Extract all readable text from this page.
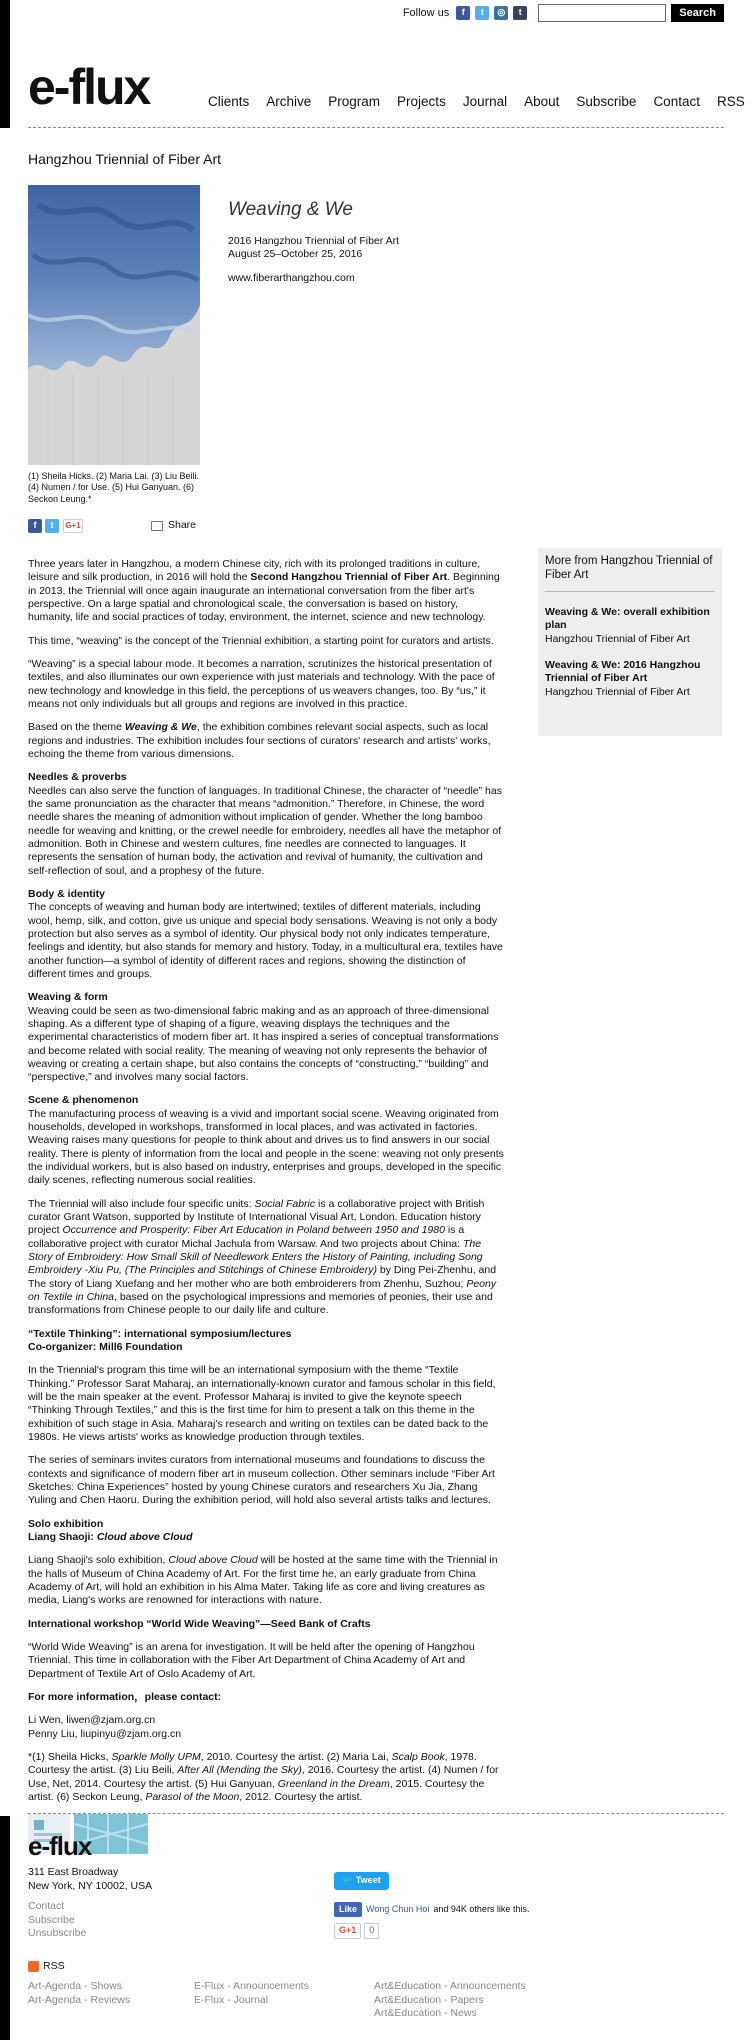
Follow us	f	t	◎	t	Search
e-flux	Clients Archive Program Projects Journal About Subscribe Contact RSS
Hangzhou Triennial of Fiber Art
(1) Sheila Hicks. (2) Maria Lai. (3) Liu Beili. (4) Numen / for Use. (5) Hui Ganyuan. (6) Seckon Leung.*
Weaving & We
2016 Hangzhou Triennial of Fiber Art
August 25–October 25, 2016
www.fiberarthangzhou.com
f	t	G+1	Share

Three years later in Hangzhou, a modern Chinese city, rich with its prolonged traditions in culture, leisure and silk production, in 2016 will hold the Second Hangzhou Triennial of Fiber Art. Beginning in 2013, the Triennial will once again inaugurate an international conversation from the fiber art's perspective. On a large spatial and chronological scale, the conversation is based on history, humanity, life and social practices of today, environment, the internet, science and new technology.

This time, “weaving” is the concept of the Triennial exhibition, a starting point for curators and artists.

“Weaving” is a special labour mode. It becomes a narration, scrutinizes the historical presentation of textiles, and also illuminates our own experience with just materials and technology. With the pace of new technology and knowledge in this field, the perceptions of us weavers changes, too. By “us,” it means not only individuals but all groups and regions are involved in this practice.

Based on the theme Weaving & We, the exhibition combines relevant social aspects, such as local regions and industries. The exhibition includes four sections of curators' research and artists' works, echoing the theme from various dimensions.

Needles & proverbs

Needles can also serve the function of languages. In traditional Chinese, the character of “needle” has the same pronunciation as the character that means “admonition.” Therefore, in Chinese, the word needle shares the meaning of admonition without implication of gender. Whether the long bamboo needle for weaving and knitting, or the crewel needle for embroidery, needles all have the metaphor of admonition. Both in Chinese and western cultures, fine needles are connected to languages. It represents the sensation of human body, the activation and revival of humanity, the cultivation and self-reflection of soul, and a prophesy of the future.

Body & identity

The concepts of weaving and human body are intertwined; textiles of different materials, including wool, hemp, silk, and cotton, give us unique and special body sensations. Weaving is not only a body protection but also serves as a symbol of identity. Our physical body not only indicates temperature, feelings and identity, but also stands for memory and history. Today, in a multicultural era, textiles have another function—a symbol of identity of different races and regions, showing the distinction of different times and groups.

Weaving & form

Weaving could be seen as two-dimensional fabric making and as an approach of three-dimensional shaping. As a different type of shaping of a figure, weaving displays the techniques and the experimental characteristics of modern fiber art. It has inspired a series of conceptual transformations and become related with social reality. The meaning of weaving not only represents the behavior of weaving or creating a certain shape, but also contains the concepts of “constructing,” “building” and “perspective,” and involves many social factors.

Scene & phenomenon

The manufacturing process of weaving is a vivid and important social scene. Weaving originated from households, developed in workshops, transformed in local places, and was activated in factories. Weaving raises many questions for people to think about and drives us to find answers in our social reality. There is plenty of information from the local and people in the scene: weaving not only presents the individual workers, but is also based on industry, enterprises and groups, developed in the specific daily scenes, reflecting numerous social realities.

The Triennial will also include four specific units: Social Fabric is a collaborative project with British curator Grant Watson, supported by Institute of International Visual Art, London. Education history project Occurrence and Prosperity: Fiber Art Education in Poland between 1950 and 1980 is a collaborative project with curator Michal Jachula from Warsaw. And two projects about China: The Story of Embroidery: How Small Skill of Needlework Enters the History of Painting, including Song Embroidery -Xiu Pu, (The Principles and Stitchings of Chinese Embroidery) by Ding Pei-Zhenhu, and The story of Liang Xuefang and her mother who are both embroiderers from Zhenhu, Suzhou; Peony on Textile in China, based on the psychological impressions and memories of peonies, their use and transformations from Chinese people to our daily life and culture.

“Textile Thinking”: international symposium/lectures
Co-organizer: Mill6 Foundation

In the Triennial's program this time will be an international symposium with the theme “Textile Thinking.” Professor Sarat Maharaj, an internationally-known curator and famous scholar in this field, will be the main speaker at the event. Professor Maharaj is invited to give the keynote speech “Thinking Through Textiles,” and this is the first time for him to present a talk on this theme in the exhibition of such stage in Asia. Maharaj's research and writing on textiles can be dated back to the 1980s. He views artists' works as knowledge production through textiles.

The series of seminars invites curators from international museums and foundations to discuss the contexts and significance of modern fiber art in museum collection. Other seminars include “Fiber Art Sketches: China Experiences” hosted by young Chinese curators and researchers Xu Jia, Zhang Yuling and Chen Haoru. During the exhibition period, will hold also several artists talks and lectures.

Solo exhibition
Liang Shaoji: Cloud above Cloud

Liang Shaoji's solo exhibition, Cloud above Cloud will be hosted at the same time with the Triennial in the halls of Museum of China Academy of Art. For the first time he, an early graduate from China Academy of Art, will hold an exhibition in his Alma Mater. Taking life as core and living creatures as media, Liang's works are renowned for interactions with nature.

International workshop “World Wide Weaving”—Seed Bank of Crafts

“World Wide Weaving” is an arena for investigation. It will be held after the opening of Hangzhou Triennial. This time in collaboration with the Fiber Art Department of China Academy of Art and Department of Textile Art of Oslo Academy of Art.

For more information，please contact:

Li Wen, liwen@zjam.org.cn
Penny Liu, liupinyu@zjam.org.cn

*(1) Sheila Hicks, Sparkle Molly UPM, 2010. Courtesy the artist. (2) Maria Lai, Scalp Book, 1978. Courtesy the artist. (3) Liu Beili, After All (Mending the Sky), 2016. Courtesy the artist. (4) Numen / for Use, Net, 2014. Courtesy the artist. (5) Hui Ganyuan, Greenland in the Dream, 2015. Courtesy the artist. (6) Seckon Leung, Parasol of the Moon, 2012. Courtesy the artist.

More from Hangzhou Triennial of Fiber Art
Weaving & We: overall exhibition plan
Hangzhou Triennial of Fiber Art
Weaving & We: 2016 Hangzhou Triennial of Fiber Art
Hangzhou Triennial of Fiber Art
e-flux
311 East Broadway
New York, NY 10002, USA
Contact
Subscribe
Unsubscribe
🐦 Tweet
Like	Wong Chun Hoi and 94K others like this.
G+1	0
RSS
Art-Agenda - Shows
Art-Agenda - Reviews
E-Flux - Announcements
E-Flux - Journal
Art&Education - Announcements
Art&Education - Papers
Art&Education - News
